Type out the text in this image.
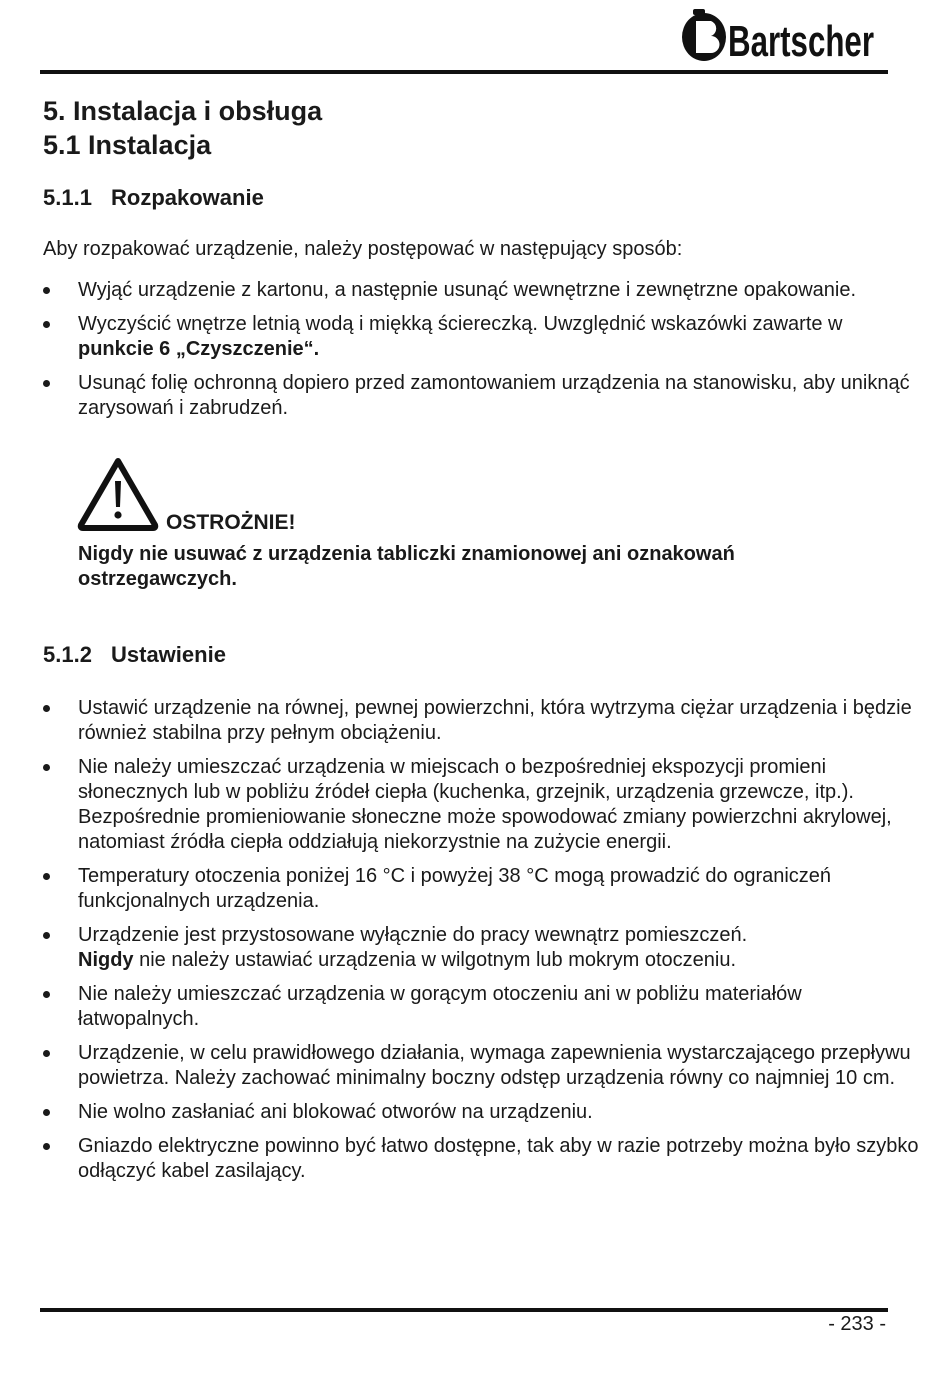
Bartscher
5. Instalacja i obsługa
5.1 Instalacja
5.1.1 Rozpakowanie

Aby rozpakować urządzenie, należy postępować w następujący sposób:

Wyjąć urządzenie z kartonu, a następnie usunąć wewnętrzne i zewnętrzne opakowanie.
Wyczyścić wnętrze letnią wodą i miękką ściereczką. Uwzględnić wskazówki zawarte w punkcie 6 „Czyszczenie“.
Usunąć folię ochronną dopiero przed zamontowaniem urządzenia na stanowisku, aby uniknąć zarysowań i zabrudzeń.

OSTROŻNIE!

Nigdy nie usuwać z urządzenia tabliczki znamionowej ani oznakowań ostrzegawczych.

5.1.2 Ustawienie
Ustawić urządzenie na równej, pewnej powierzchni, która wytrzyma ciężar urządzenia i będzie również stabilna przy pełnym obciążeniu.
Nie należy umieszczać urządzenia w miejscach o bezpośredniej ekspozycji promieni słonecznych lub w pobliżu źródeł ciepła (kuchenka, grzejnik, urządzenia grzewcze, itp.). Bezpośrednie promieniowanie słoneczne może spowodować zmiany powierzchni akrylowej, natomiast źródła ciepła oddziałują niekorzystnie na zużycie energii.
Temperatury otoczenia poniżej 16 °C i powyżej 38 °C mogą prowadzić do ograniczeń funkcjonalnych urządzenia.
Urządzenie jest przystosowane wyłącznie do pracy wewnątrz pomieszczeń.
Nigdy nie należy ustawiać urządzenia w wilgotnym lub mokrym otoczeniu.
Nie należy umieszczać urządzenia w gorącym otoczeniu ani w pobliżu materiałów łatwopalnych.
Urządzenie, w celu prawidłowego działania, wymaga zapewnienia wystarczającego przepływu powietrza. Należy zachować minimalny boczny odstęp urządzenia równy co najmniej 10 cm.
Nie wolno zasłaniać ani blokować otworów na urządzeniu.
Gniazdo elektryczne powinno być łatwo dostępne, tak aby w razie potrzeby można było szybko odłączyć kabel zasilający.
- 233 -
